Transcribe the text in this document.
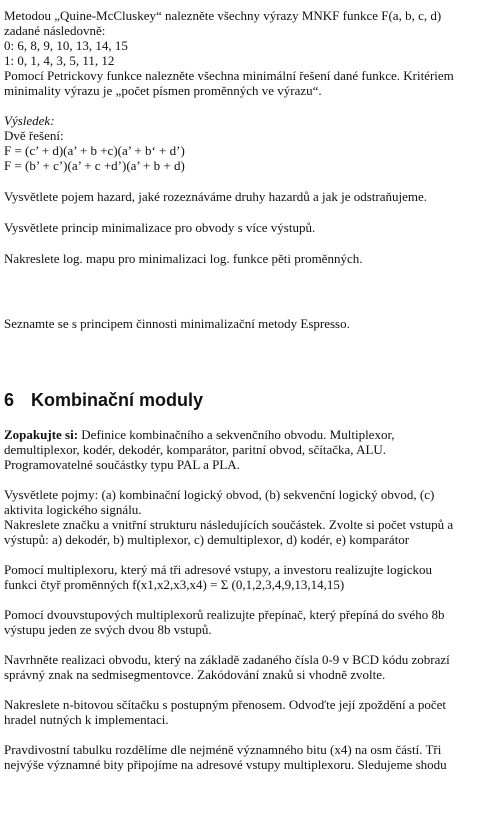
Metodou „Quine-McCluskey“ nalezněte všechny výrazy MNKF funkce F(a, b, c, d)

zadané následovně:

0: 6, 8, 9, 10, 13, 14, 15

1: 0, 1, 4, 3, 5, 11, 12

Pomocí Petrickovy funkce nalezněte všechna minimální řešení dané funkce. Kritériem

minimality výrazu je „počet písmen proměnných ve výrazu“.

Výsledek:

Dvě řešení:

F = (c’ + d)(a’ + b +c)(a’ + b‘ + d’)

F = (b’ + c’)(a’ + c +d’)(a’ + b + d)

Vysvětlete pojem hazard, jaké rozeznáváme druhy hazardů a jak je odstraňujeme.

Vysvětlete princip minimalizace pro obvody s více výstupů.

Nakreslete log. mapu pro minimalizaci log. funkce pěti proměnných.

Seznamte se s principem činnosti minimalizační metody Espresso.

6 Kombinační moduly

Zopakujte si: Definice kombinačního a sekvenčního obvodu. Multiplexor,

demultiplexor, kodér, dekodér, komparátor, paritní obvod, sčítačka, ALU.

Programovatelné součástky typu PAL a PLA.

Vysvětlete pojmy: (a) kombinační logický obvod, (b) sekvenční logický obvod, (c)

aktivita logického signálu.

Nakreslete značku a vnitřní strukturu následujících součástek. Zvolte si počet vstupů a

výstupů: a) dekodér, b) multiplexor, c) demultiplexor, d) kodér, e) komparátor

Pomocí multiplexoru, který má tři adresové vstupy, a investoru realizujte logickou

funkci čtyř proměnných f(x1,x2,x3,x4) = Σ (0,1,2,3,4,9,13,14,15)

Pomocí dvouvstupových multiplexorů realizujte přepínač, který přepíná do svého 8b

výstupu jeden ze svých dvou 8b vstupů.

Navrhněte realizaci obvodu, který na základě zadaného čísla 0-9 v BCD kódu zobrazí

správný znak na sedmisegmentovce. Zakódování znaků si vhodně zvolte.

Nakreslete n-bitovou sčítačku s postupným přenosem. Odvoďte její zpoždění a počet

hradel nutných k implementaci.

Pravdivostní tabulku rozdělíme dle nejméně významného bitu (x4) na osm částí. Tři

nejvýše významné bity připojíme na adresové vstupy multiplexoru. Sledujeme shodu
